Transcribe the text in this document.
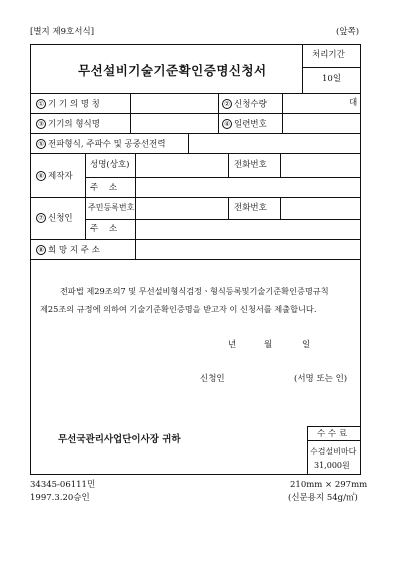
[별지 제9호서식]	(앞쪽)
무선설비기술기준확인증명신청서
처리기간
10일
① 기 기 의 명 칭	② 신청수량	대
③ 기기의 형식명	④ 일련번호
⑤ 전파형식, 주파수 및 공중선전력
⑥ 제작자
성명(상호)	전화번호
주 소
⑦ 신청인
주민등록번호	전화번호
주 소
⑧ 희 망 지 주 소
전파법 제29조의7 및 무선설비형식검정ㆍ형식등록및기술기준확인증명규칙
제25조의 규정에 의하여 기술기준확인증명을 받고자 이 신청서를 제출합니다.
년	월	일
신청인	(서명 또는 인)
무선국관리사업단이사장 귀하	수 수 료
수검설비마다
31,000원
34345-06111민
1997.3.20승인
210mm × 297mm
(신문용지 54g/㎡)
